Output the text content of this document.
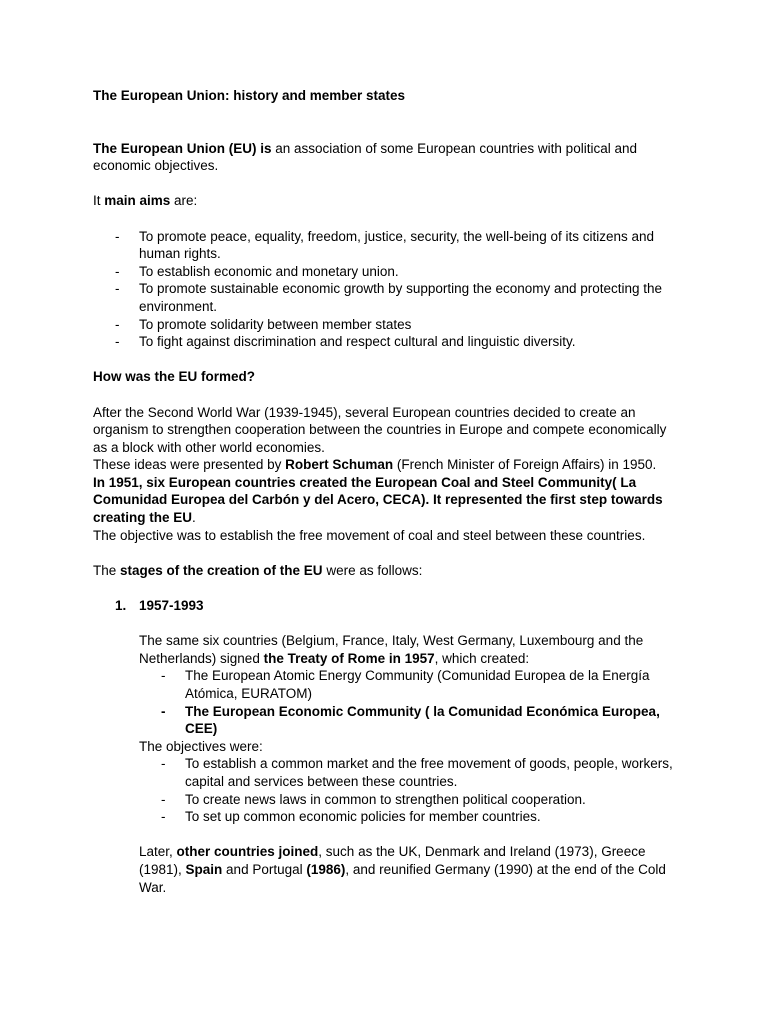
The European Union: history and member states

The European Union (EU) is an association of some European countries with political and economic objectives.

It main aims are:

- To promote peace, equality, freedom, justice, security, the well-being of its citizens and human rights.
- To establish economic and monetary union.
- To promote sustainable economic growth by supporting the economy and protecting the environment.
- To promote solidarity between member states
- To fight against discrimination and respect cultural and linguistic diversity.

How was the EU formed?

After the Second World War (1939-1945), several European countries decided to create an organism to strengthen cooperation between the countries in Europe and compete economically as a block with other world economies.

These ideas were presented by Robert Schuman (French Minister of Foreign Affairs) in 1950.

In 1951, six European countries created the European Coal and Steel Community( La Comunidad Europea del Carbón y del Acero, CECA). It represented the first step towards creating the EU.

The objective was to establish the free movement of coal and steel between these countries.

The stages of the creation of the EU were as follows:

1. 1957-1993

The same six countries (Belgium, France, Italy, West Germany, Luxembourg and the Netherlands) signed the Treaty of Rome in 1957, which created:

- The European Atomic Energy Community (Comunidad Europea de la Energía Atómica, EURATOM)
- The European Economic Community ( la Comunidad Económica Europea, CEE)

The objectives were:

- To establish a common market and the free movement of goods, people, workers, capital and services between these countries.
- To create news laws in common to strengthen political cooperation.
- To set up common economic policies for member countries.

Later, other countries joined, such as the UK, Denmark and Ireland (1973), Greece (1981), Spain and Portugal (1986), and reunified Germany (1990) at the end of the Cold War.
